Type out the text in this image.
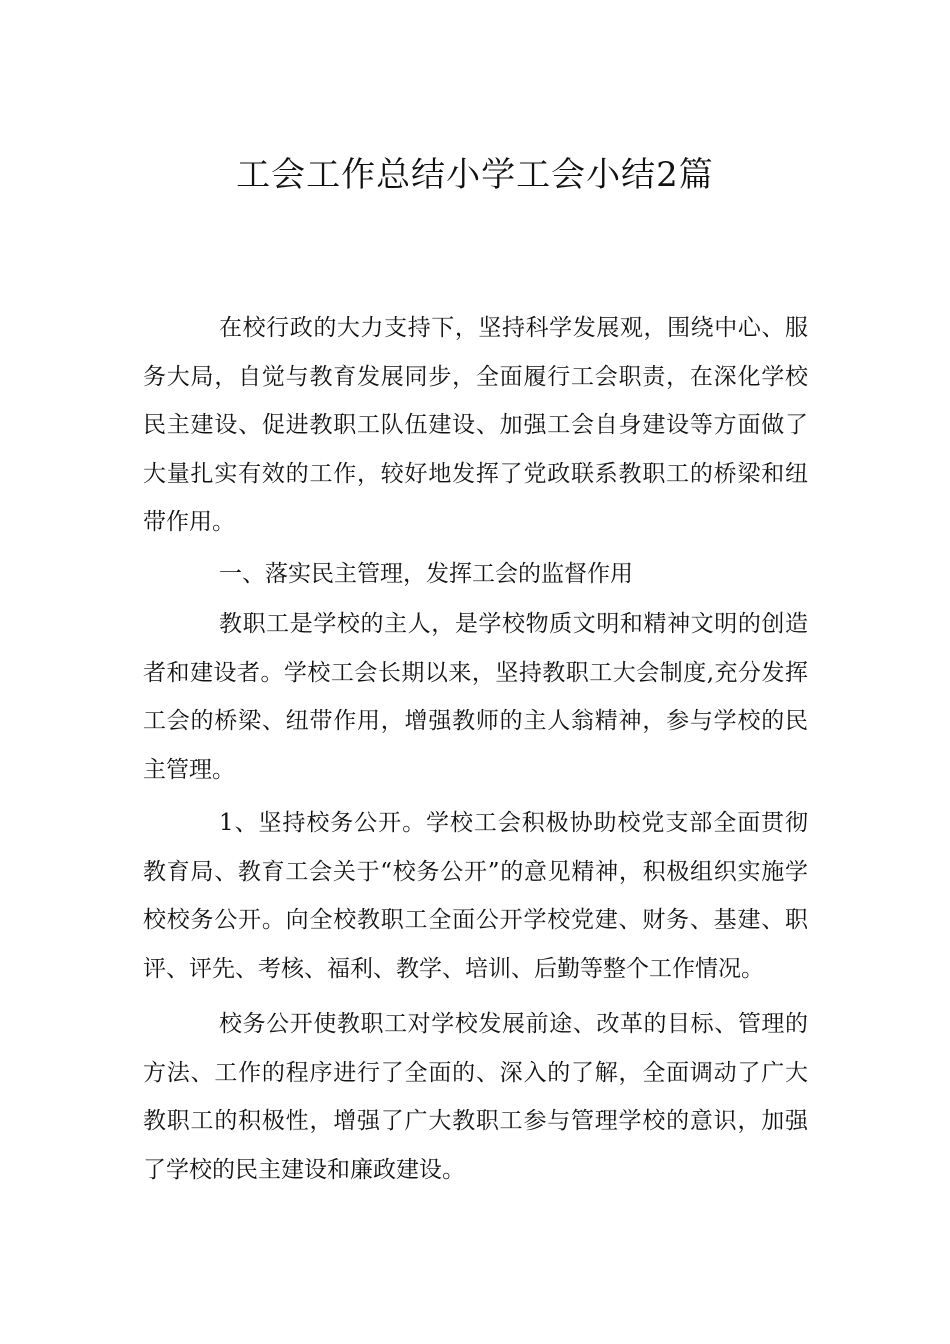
工会工作总结小学工会小结2篇

在校行政的大力支持下，坚持科学发展观，围绕中心、服务大局，自觉与教育发展同步，全面履行工会职责，在深化学校民主建设、促进教职工队伍建设、加强工会自身建设等方面做了大量扎实有效的工作，较好地发挥了党政联系教职工的桥梁和纽带作用。

一、落实民主管理，发挥工会的监督作用

教职工是学校的主人，是学校物质文明和精神文明的创造者和建设者。学校工会长期以来，坚持教职工大会制度,充分发挥工会的桥梁、纽带作用，增强教师的主人翁精神，参与学校的民主管理。

1、坚持校务公开。学校工会积极协助校党支部全面贯彻教育局、教育工会关于“校务公开”的意见精神，积极组织实施学校校务公开。向全校教职工全面公开学校党建、财务、基建、职评、评先、考核、福利、教学、培训、后勤等整个工作情况。

校务公开使教职工对学校发展前途、改革的目标、管理的方法、工作的程序进行了全面的、深入的了解，全面调动了广大教职工的积极性，增强了广大教职工参与管理学校的意识，加强了学校的民主建设和廉政建设。
